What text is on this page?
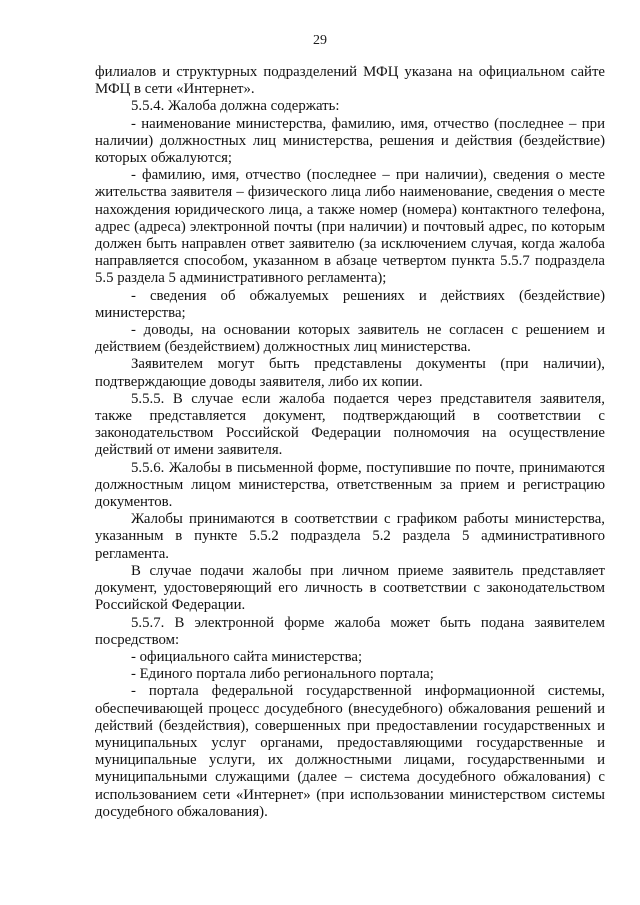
29

филиалов и структурных подразделений МФЦ указана на официальном сайте МФЦ в сети «Интернет».

5.5.4. Жалоба должна содержать:

- наименование министерства, фамилию, имя, отчество (последнее – при наличии) должностных лиц министерства, решения и действия (бездействие) которых обжалуются;

- фамилию, имя, отчество (последнее – при наличии), сведения о месте жительства заявителя – физического лица либо наименование, сведения о месте нахождения юридического лица, а также номер (номера) контактного телефона, адрес (адреса) электронной почты (при наличии) и почтовый адрес, по которым должен быть направлен ответ заявителю (за исключением случая, когда жалоба направляется способом, указанном в абзаце четвертом пункта 5.5.7 подраздела 5.5 раздела 5 административного регламента);

- сведения об обжалуемых решениях и действиях (бездействие) министерства;

- доводы, на основании которых заявитель не согласен с решением и действием (бездействием) должностных лиц министерства.

Заявителем могут быть представлены документы (при наличии), подтверждающие доводы заявителя, либо их копии.

5.5.5. В случае если жалоба подается через представителя заявителя, также представляется документ, подтверждающий в соответствии с законодательством Российской Федерации полномочия на осуществление действий от имени заявителя.

5.5.6. Жалобы в письменной форме, поступившие по почте, принимаются должностным лицом министерства, ответственным за прием и регистрацию документов.

Жалобы принимаются в соответствии с графиком работы министерства, указанным в пункте 5.5.2 подраздела 5.2 раздела 5 административного регламента.

В случае подачи жалобы при личном приеме заявитель представляет документ, удостоверяющий его личность в соответствии с законодательством Российской Федерации.

5.5.7. В электронной форме жалоба может быть подана заявителем посредством:

- официального сайта министерства;

- Единого портала либо регионального портала;

- портала федеральной государственной информационной системы, обеспечивающей процесс досудебного (внесудебного) обжалования решений и действий (бездействия), совершенных при предоставлении государственных и муниципальных услуг органами, предоставляющими государственные и муниципальные услуги, их должностными лицами, государственными и муниципальными служащими (далее – система досудебного обжалования) с использованием сети «Интернет» (при использовании министерством системы досудебного обжалования).
